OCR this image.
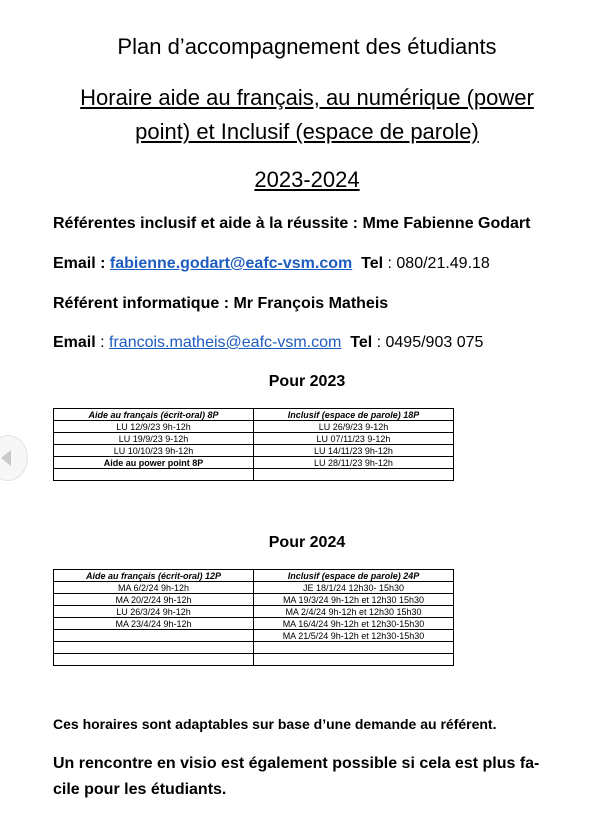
Plan d’accompagnement des étudiants
Horaire aide au français, au numérique (power
point) et Inclusif (espace de parole)
2023-2024
Référentes inclusif et aide à la réussite : Mme Fabienne Godart
Email : fabienne.godart@eafc-vsm.com Tel : 080/21.49.18
Référent informatique : Mr François Matheis
Email : francois.matheis@eafc-vsm.com Tel : 0495/903 075
Pour 2023
Aide au français (écrit-oral) 8P	Inclusif (espace de parole) 18P
LU 12/9/23 9h-12h	LU 26/9/23 9-12h
LU 19/9/23 9-12h	LU 07/11/23 9-12h
LU 10/10/23 9h-12h	LU 14/11/23 9h-12h
Aide au power point 8P	LU 28/11/23 9h-12h

Pour 2024
Aide au français (écrit-oral) 12P	Inclusif (espace de parole) 24P
MA 6/2/24 9h-12h	JE 18/1/24 12h30- 15h30
MA 20/2/24 9h-12h	MA 19/3/24 9h-12h et 12h30 15h30
LU 26/3/24 9h-12h	MA 2/4/24 9h-12h et 12h30 15h30
MA 23/4/24 9h-12h	MA 16/4/24 9h-12h et 12h30-15h30
	MA 21/5/24 9h-12h et 12h30-15h30

Ces horaires sont adaptables sur base d’une demande au référent.
Un rencontre en visio est également possible si cela est plus fa-
cile pour les étudiants.
